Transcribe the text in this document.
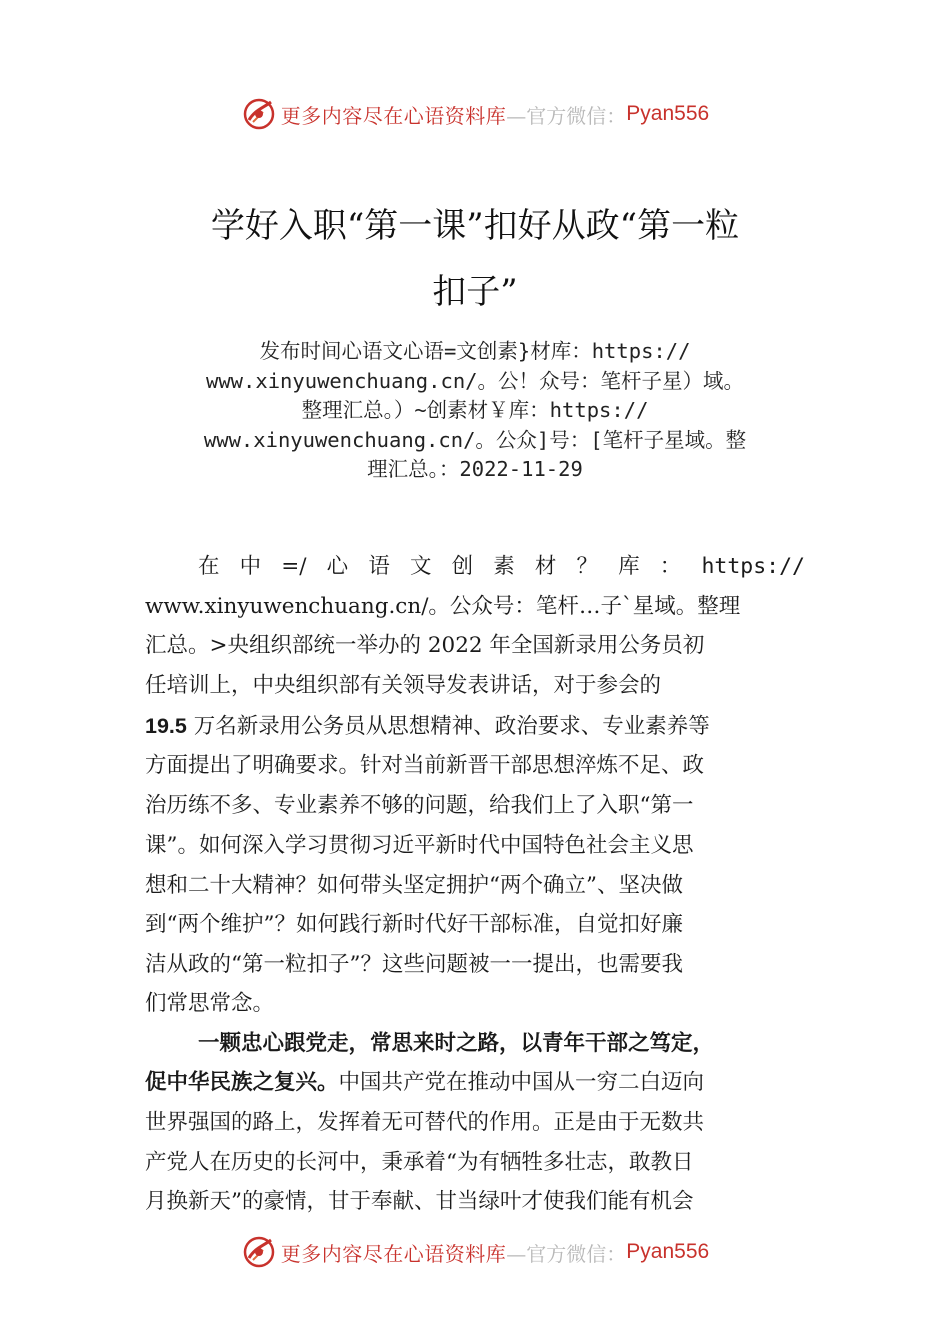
更多内容尽在心语资料库 —官方微信： Pyan556
学好入职“第一课”扣好从政“第一粒
扣子”
发布时间心语文心语=文创素}材库：https://
www.xinyuwenchuang.cn/。公！众号：笔杆子星）域。
整理汇总。）~创素材￥库：https://
www.xinyuwenchuang.cn/。公众]号：[笔杆子星域。整
理汇总。：2022-11-29
在 中 =/ 心 语 文 创 素 材 ？ 库 ： https://
www.xinyuwenchuang.cn/。公众号：笔杆…子`星域。整理
汇总。>央组织部统一举办的 2022 年全国新录用公务员初
任培训上，中央组织部有关领导发表讲话，对于参会的
19.5 万名新录用公务员从思想精神、政治要求、专业素养等
方面提出了明确要求。针对当前新晋干部思想淬炼不足、政
治历练不多、专业素养不够的问题，给我们上了入职“第一
课”。如何深入学习贯彻习近平新时代中国特色社会主义思
想和二十大精神？如何带头坚定拥护“两个确立”、坚决做
到“两个维护”？如何践行新时代好干部标准，自觉扣好廉
洁从政的“第一粒扣子”？这些问题被一一提出，也需要我
们常思常念。
一颗忠心跟党走，常思来时之路，以青年干部之笃定，
促中华民族之复兴。中国共产党在推动中国从一穷二白迈向
世界强国的路上，发挥着无可替代的作用。正是由于无数共
产党人在历史的长河中，秉承着“为有牺牲多壮志，敢教日
月换新天”的豪情，甘于奉献、甘当绿叶才使我们能有机会
更多内容尽在心语资料库 —官方微信： Pyan556
